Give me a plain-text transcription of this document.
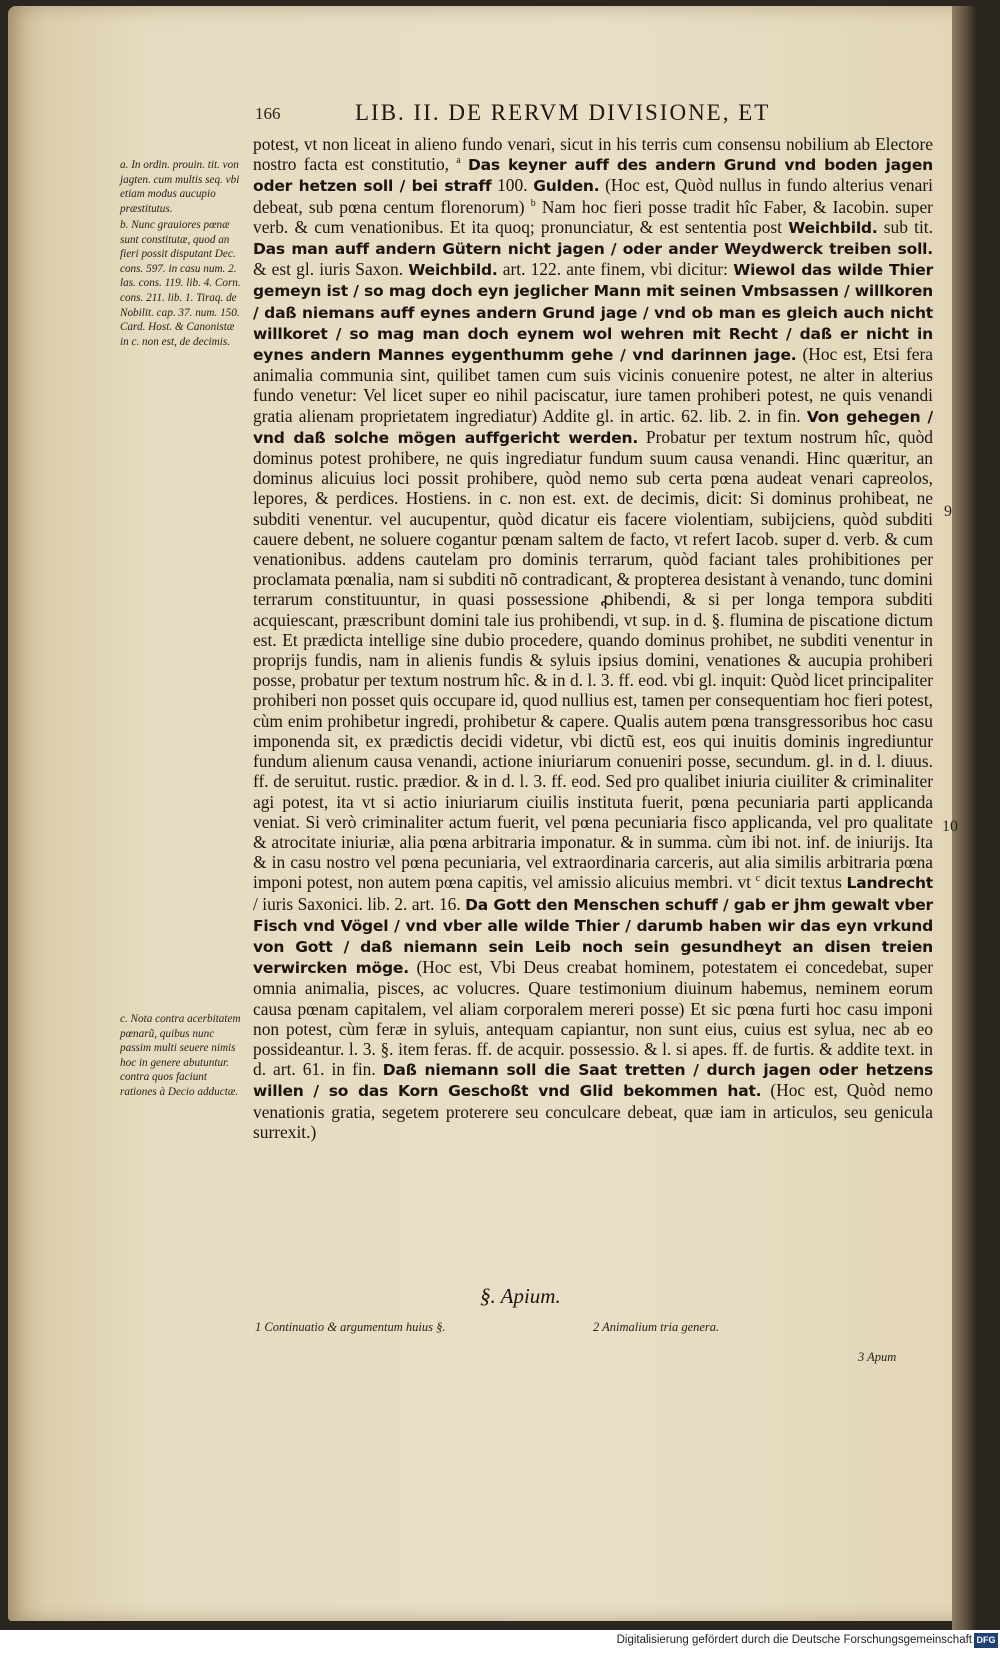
166	LIB. II. DE RERVM DIVISIONE, ET
a. In ordin. prouin. tit. von jagten. cum multis seq. vbi etiam modus aucupio præstitutus.
b. Nunc grauiores pœnæ sunt constitutæ, quod an fieri possit disputant Dec. cons. 597. in casu num. 2. las. cons. 119. lib. 4. Corn. cons. 211. lib. 1. Tiraq. de Nobilit. cap. 37. num. 150. Card. Host. & Canonistæ in c. non est, de decimis.
c. Nota contra acerbitatem pœnarũ, quibus nunc passim multi seuere nimis hoc in genere abutuntur. contra quos faciunt rationes à Decio adductæ.
9
10

potest, vt non liceat in alieno fundo venari, sicut in his terris cum consensu nobilium ab Electore nostro facta est constitutio, $^a$ Das keyner auff des andern Grund vnd boden jagen oder hetzen soll / bei straff 100. Gulden. (Hoc est, Quòd nullus in fundo alterius venari debeat, sub pœna centum florenorum) $^b$ Nam hoc fieri posse tradit hîc Faber, & Iacobin. super verb. & cum venationibus. Et ita quoq; pronunciatur, & est sententia post Weichbild. sub tit. Das man auff andern Gütern nicht jagen / oder ander Weydwerck treiben soll. & est gl. iuris Saxon. Weichbild. art. 122. ante finem, vbi dicitur: Wiewol das wilde Thier gemeyn ist / so mag doch eyn jeglicher Mann mit seinen Vmbsassen / willkoren / daß niemans auff eynes andern Grund jage / vnd ob man es gleich auch nicht willkoret / so mag man doch eynem wol wehren mit Recht / daß er nicht in eynes andern Mannes eygenthumm gehe / vnd darinnen jage. (Hoc est, Etsi fera animalia communia sint, quilibet tamen cum suis vicinis conuenire potest, ne alter in alterius fundo venetur: Vel licet super eo nihil paciscatur, iure tamen prohiberi potest, ne quis venandi gratia alienam proprietatem ingrediatur) Addite gl. in artic. 62. lib. 2. in fin. Von gehegen / vnd daß solche mögen auffgericht werden. Probatur per textum nostrum hîc, quòd dominus potest prohibere, ne quis ingrediatur fundum suum causa venandi. Hinc quæritur, an dominus alicuius loci possit prohibere, quòd nemo sub certa pœna audeat venari capreolos, lepores, & perdices. Hostiens. in c. non est. ext. de decimis, dicit: Si dominus prohibeat, ne subditi venentur. vel aucupentur, quòd dicatur eis facere violentiam, subijciens, quòd subditi cauere debent, ne soluere cogantur pœnam saltem de facto, vt refert Iacob. super d. verb. & cum venationibus. addens cautelam pro dominis terrarum, quòd faciant tales prohibitiones per proclamata pœnalia, nam si subditi nõ contradicant, & propterea desistant à venando, tunc domini terrarum constituuntur, in quasi possessione ꝓhibendi, & si per longa tempora subditi acquiescant, præscribunt domini tale ius prohibendi, vt sup. in d. §. flumina de piscatione dictum est. Et prædicta intellige sine dubio procedere, quando dominus prohibet, ne subditi venentur in proprijs fundis, nam in alienis fundis & syluis ipsius domini, venationes & aucupia prohiberi posse, probatur per textum nostrum hîc. & in d. l. 3. ff. eod. vbi gl. inquit: Quòd licet principaliter prohiberi non posset quis occupare id, quod nullius est, tamen per consequentiam hoc fieri potest, cùm enim prohibetur ingredi, prohibetur & capere. Qualis autem pœna transgressoribus hoc casu imponenda sit, ex prædictis decidi videtur, vbi dictũ est, eos qui inuitis dominis ingrediuntur fundum alienum causa venandi, actione iniuriarum conueniri posse, secundum. gl. in d. l. diuus. ff. de seruitut. rustic. prædior. & in d. l. 3. ff. eod. Sed pro qualibet iniuria ciuiliter & criminaliter agi potest, ita vt si actio iniuriarum ciuilis instituta fuerit, pœna pecuniaria parti applicanda veniat. Si verò criminaliter actum fuerit, vel pœna pecuniaria fisco applicanda, vel pro qualitate & atrocitate iniuriæ, alia pœna arbitraria imponatur. & in summa. cùm ibi not. inf. de iniurijs. Ita & in casu nostro vel pœna pecuniaria, vel extraordinaria carceris, aut alia similis arbitraria pœna imponi potest, non autem pœna capitis, vel amissio alicuius membri. vt $^c$ dicit textus Landrecht / iuris Saxonici. lib. 2. art. 16. Da Gott den Menschen schuff / gab er jhm gewalt vber Fisch vnd Vögel / vnd vber alle wilde Thier / darumb haben wir das eyn vrkund von Gott / daß niemann sein Leib noch sein gesundheyt an disen treien verwircken möge. (Hoc est, Vbi Deus creabat hominem, potestatem ei concedebat, super omnia animalia, pisces, ac volucres. Quare testimonium diuinum habemus, neminem eorum causa pœnam capitalem, vel aliam corporalem mereri posse) Et sic pœna furti hoc casu imponi non potest, cùm feræ in syluis, antequam capiantur, non sunt eius, cuius est sylua, nec ab eo possideantur. l. 3. §. item feras. ff. de acquir. possessio. & l. si apes. ff. de furtis. & addite text. in d. art. 61. in fin. Daß niemann soll die Saat tretten / durch jagen oder hetzens willen / so das Korn Geschoßt vnd Glid bekommen hat. (Hoc est, Quòd nemo venationis gratia, segetem proterere seu conculcare debeat, quæ iam in articulos, seu genicula surrexit.)

§. Apium.
1 Continuatio & argumentum huius §.	2 Animalium tria genera.
3 Apum
Digitalisierung gefördert durch die Deutsche Forschungsgemeinschaft DFG
